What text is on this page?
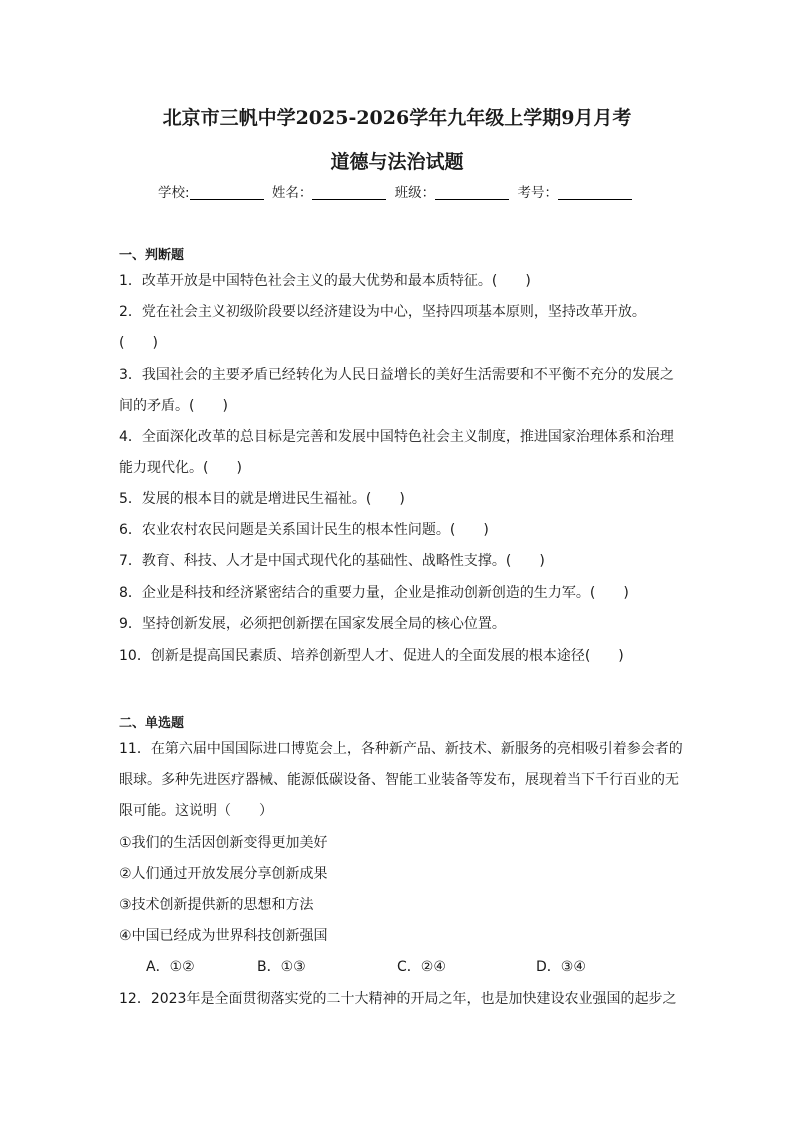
北京市三帆中学2025-2026学年九年级上学期9月月考
道德与法治试题
学校:	姓名：	班级：	考号：
一、判断题
1．改革开放是中国特色社会主义的最大优势和最本质特征。(　　)
2．党在社会主义初级阶段要以经济建设为中心，坚持四项基本原则，坚持改革开放。
(　　)
3．我国社会的主要矛盾已经转化为人民日益增长的美好生活需要和不平衡不充分的发展之
间的矛盾。(　　)
4．全面深化改革的总目标是完善和发展中国特色社会主义制度，推进国家治理体系和治理
能力现代化。(　　)
5．发展的根本目的就是增进民生福祉。(　　)
6．农业农村农民问题是关系国计民生的根本性问题。(　　)
7．教育、科技、人才是中国式现代化的基础性、战略性支撑。(　　)
8．企业是科技和经济紧密结合的重要力量，企业是推动创新创造的生力军。(　　)
9．坚持创新发展，必须把创新摆在国家发展全局的核心位置。
10．创新是提高国民素质、培养创新型人才、促进人的全面发展的根本途径(　　)
二、单选题
11．在第六届中国国际进口博览会上，各种新产品、新技术、新服务的亮相吸引着参会者的
眼球。多种先进医疗器械、能源低碳设备、智能工业装备等发布，展现着当下千行百业的无
限可能。这说明（　　）
①我们的生活因创新变得更加美好
②人们通过开放发展分享创新成果
③技术创新提供新的思想和方法
④中国已经成为世界科技创新强国
A．①②	B．①③	C．②④	D．③④
12．2023年是全面贯彻落实党的二十大精神的开局之年，也是加快建设农业强国的起步之
